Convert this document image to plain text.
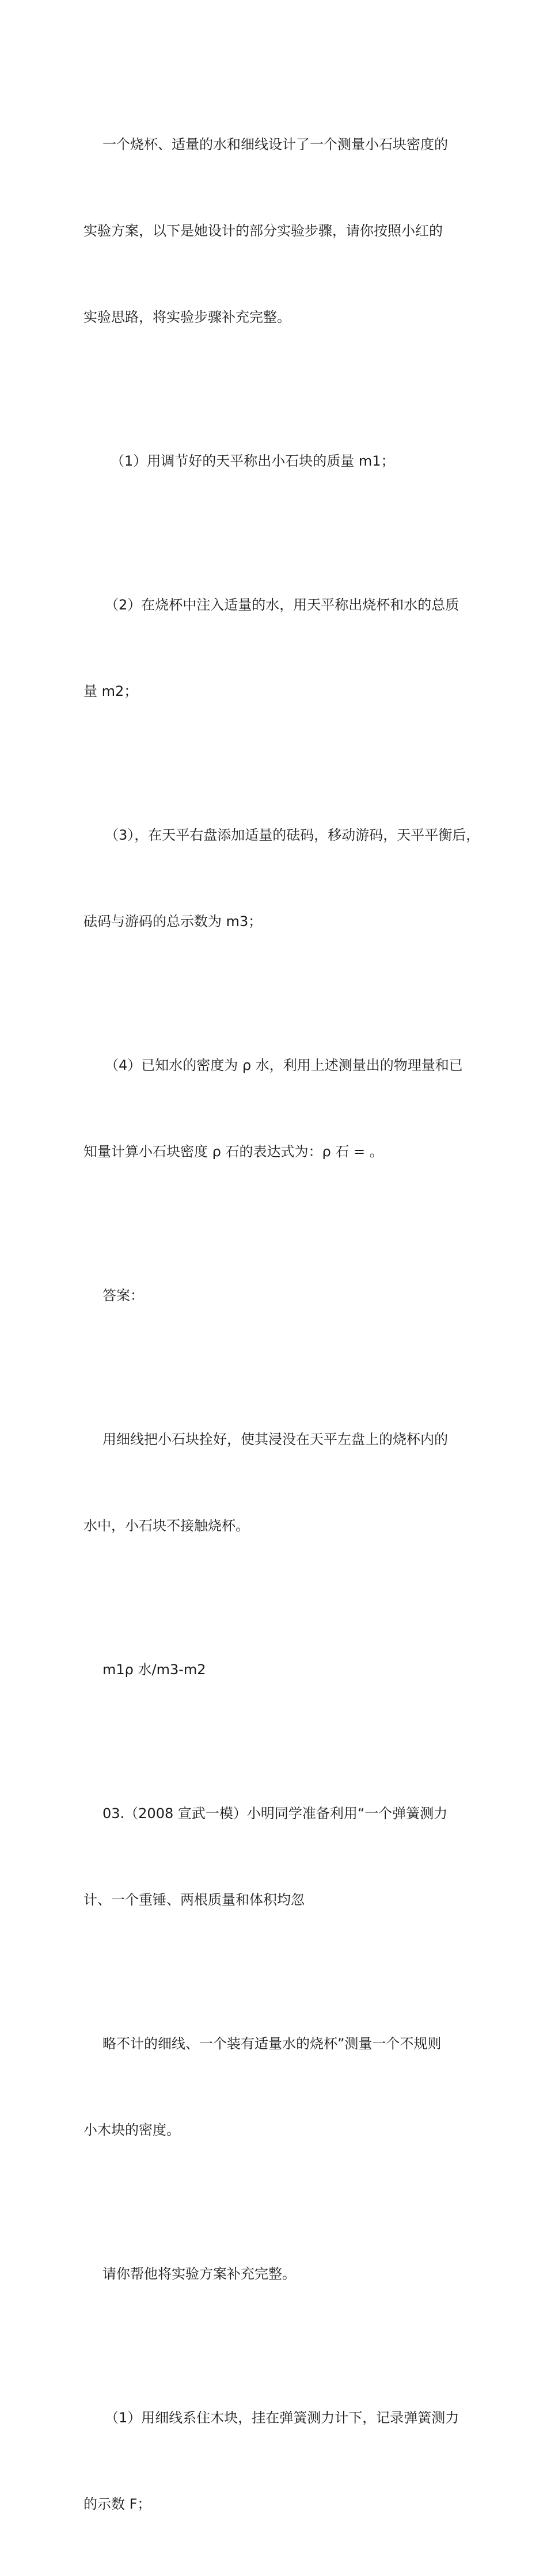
一个烧杯、适量的水和细线设计了一个测量小石块密度的

实验方案，以下是她设计的部分实验步骤，请你按照小红的

实验思路，将实验步骤补充完整。

（1）用调节好的天平称出小石块的质量 m1；

（2）在烧杯中注入适量的水，用天平称出烧杯和水的总质

量 m2；

（3），在天平右盘添加适量的砝码，移动游码，天平平衡后，

砝码与游码的总示数为 m3；

（4）已知水的密度为 ρ 水，利用上述测量出的物理量和已

知量计算小石块密度 ρ 石的表达式为：ρ 石 = 。

答案：

用细线把小石块拴好，使其浸没在天平左盘上的烧杯内的

水中，小石块不接触烧杯。

m1ρ 水/m3-m2

03.（2008 宣武一模）小明同学准备利用“一个弹簧测力

计、一个重锤、两根质量和体积均忽

略不计的细线、一个装有适量水的烧杯”测量一个不规则

小木块的密度。

请你帮他将实验方案补充完整。

（1）用细线系住木块，挂在弹簧测力计下，记录弹簧测力

的示数 F；
